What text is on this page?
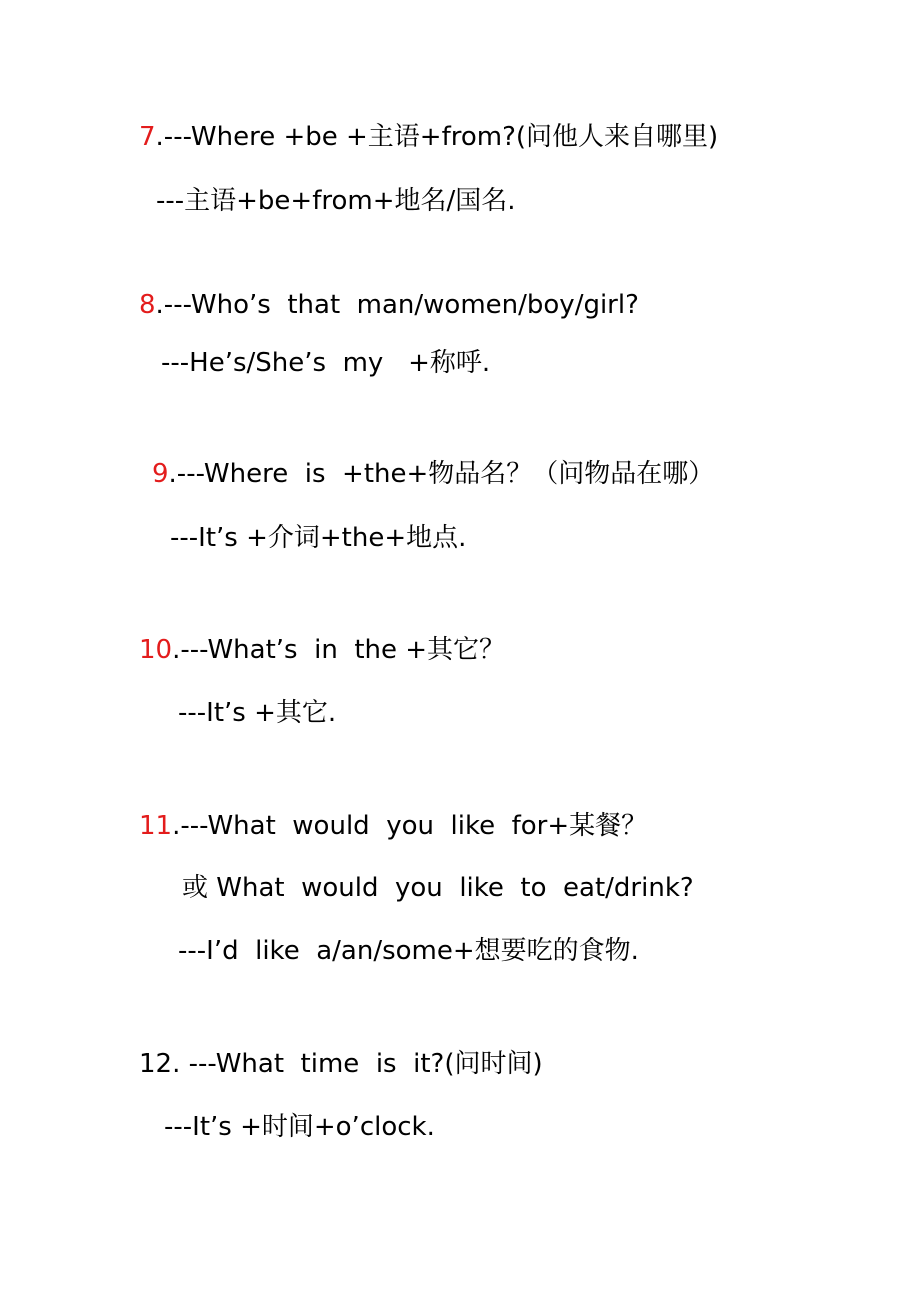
7.---Where +be +主语+from?(问他人来自哪里)
---主语+be+from+地名/国名.
8.---Who’s  that  man/women/boy/girl?
---He’s/She’s  my   +称呼.
9.---Where  is  +the+物品名？（问物品在哪）
---It’s +介词+the+地点.
10.---What’s  in  the +其它？
---It’s +其它.
11.---What  would  you  like  for+某餐？
或 What  would  you  like  to  eat/drink?
---I’d  like  a/an/some+想要吃的食物.
12. ---What  time  is  it?(问时间)
---It’s +时间+o’clock.
